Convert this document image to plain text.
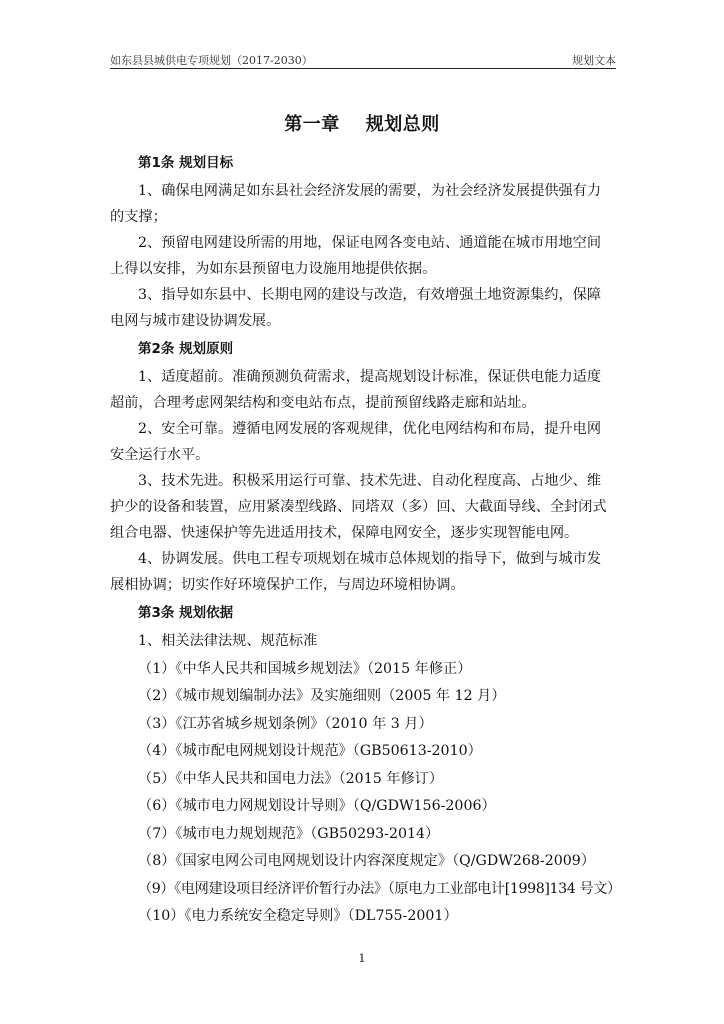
如东县县城供电专项规划（2017-2030）	规划文本
第一章 规划总则
第1条 规划目标
1、确保电网满足如东县社会经济发展的需要，为社会经济发展提供强有力
的支撑；
2、预留电网建设所需的用地，保证电网各变电站、通道能在城市用地空间
上得以安排，为如东县预留电力设施用地提供依据。
3、指导如东县中、长期电网的建设与改造，有效增强土地资源集约，保障
电网与城市建设协调发展。
第2条 规划原则
1、适度超前。准确预测负荷需求，提高规划设计标准，保证供电能力适度
超前，合理考虑网架结构和变电站布点，提前预留线路走廊和站址。
2、安全可靠。遵循电网发展的客观规律，优化电网结构和布局，提升电网
安全运行水平。
3、技术先进。积极采用运行可靠、技术先进、自动化程度高、占地少、维
护少的设备和装置，应用紧凑型线路、同塔双（多）回、大截面导线、全封闭式
组合电器、快速保护等先进适用技术，保障电网安全，逐步实现智能电网。
4、协调发展。供电工程专项规划在城市总体规划的指导下，做到与城市发
展相协调；切实作好环境保护工作，与周边环境相协调。
第3条 规划依据
1、相关法律法规、规范标准
（1）《中华人民共和国城乡规划法》（2015 年修正）
（2）《城市规划编制办法》及实施细则（2005 年 12 月）
（3）《江苏省城乡规划条例》（2010 年 3 月）
（4）《城市配电网规划设计规范》（GB50613-2010）
（5）《中华人民共和国电力法》（2015 年修订）
（6）《城市电力网规划设计导则》（Q/GDW156-2006）
（7）《城市电力规划规范》（GB50293-2014）
（8）《国家电网公司电网规划设计内容深度规定》（Q/GDW268-2009）
（9）《电网建设项目经济评价暂行办法》（原电力工业部电计[1998]134 号文）
（10）《电力系统安全稳定导则》（DL755-2001）
1
